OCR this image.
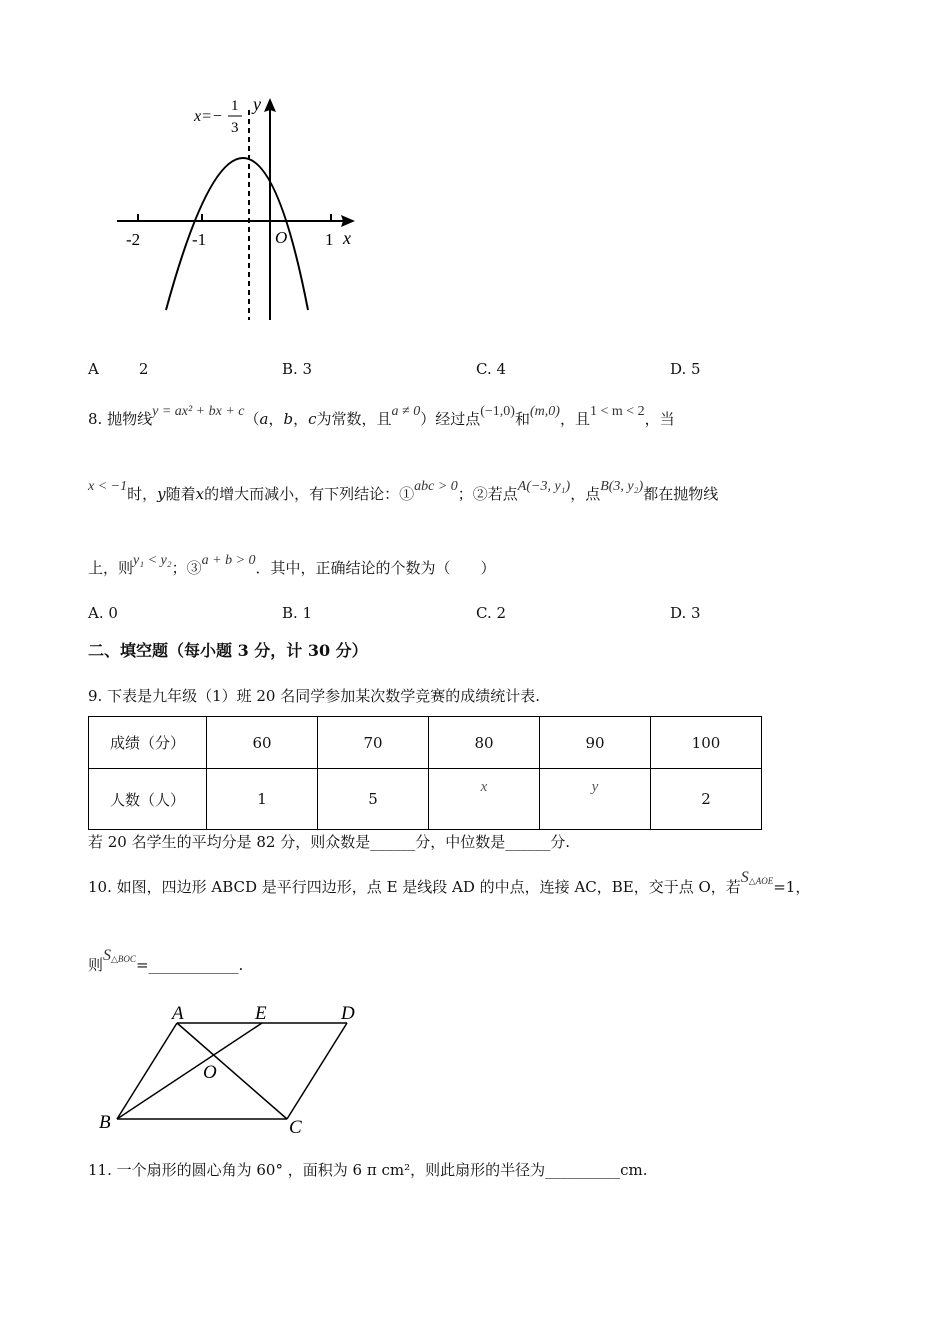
-2	-1	1
O	x
y
x=−
1
3
A	2	B. 3	C. 4	D. 5
8. 抛物线y = ax² + bx + c（a，b，c为常数，且a ≠ 0）经过点(−1,0)和(m,0)，且1 < m < 2，当
x < −1时，y随着x的增大而减小，有下列结论：①abc > 0；②若点A(−3, y₁)，点B(3, y₂)都在抛物线
上，则y₁ < y₂；③a + b > 0．其中，正确结论的个数为（　　）
A. 0	B. 1	C. 2	D. 3
二、填空题（每小题 3 分，计 30 分）
9. 下表是九年级（1）班 20 名同学参加某次数学竞赛的成绩统计表.
成绩（分）	60	70	80	90	100
人数（人）	1	5	x	y	2
若 20 名学生的平均分是 82 分，则众数是______分，中位数是______分.
10. 如图，四边形 ABCD 是平行四边形，点 E 是线段 AD 的中点，连接 AC，BE，交于点 O，若$S^{\triangle AOE}=1$，
则$S^{\triangle BOC}=\_\_\_\_\_\_\_\_\_\_\_\_$.
A	E	D
O
B	C
11. 一个扇形的圆心角为 60° ，面积为 6 π cm²，则此扇形的半径为__________cm.
